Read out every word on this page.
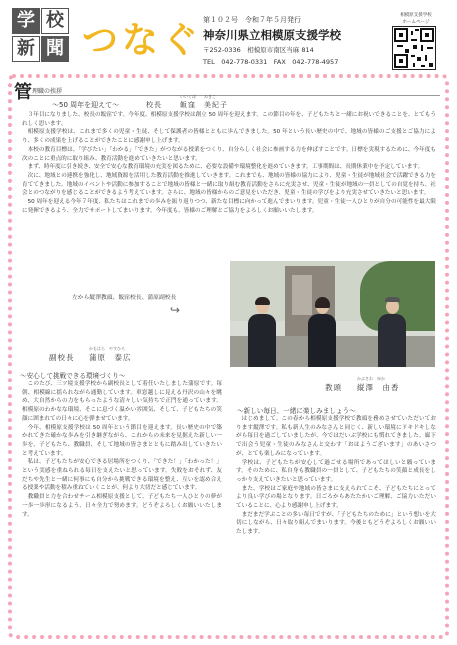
学 校
新 聞 つなぐ 第１０２号　令和７年５月発行
神奈川県立相模原支援学校
〒252-0336　相模原市南区当麻 814
TEL　042-778-0331　FAX　042-778-4957
相模原支援学校
ホームページ
管 理職の挨拶
～50 周年を迎えて～
いいくぼ　　みきこ
校長	飯窪　美紀子

３年目になりました、校長の飯窪です。今年度、相模原支援学校は創立 50 周年を迎えます。この節目の年を、子どもたちと一緒にお祝いできることを、とてもうれしく思います。

相模原支援学校は、これまで多くの児童・生徒、そして保護者の皆様とともに歩んできました。50 年という長い歴史の中で、地域の皆様のご支援とご協力により、多くの成果を上げることができたことに感謝申し上げます。

本校の教育目標は、「学びたい」「わかる」「できた」がつながる授業をつくり、自分らしく社会に参画する力を伸ばすことです。日標を実現するために、今年度も次のことに重点的に取り組み、教育活動を進めていきたいと思います。

まず、時年度に引き続き、安全で安心な教育環境の充実を図るために、必要な設備や環境整化を進めていきます。工事期間は、長期休業中を予定しています。

次に、地域との連携を強化し、地域資源を活用した教育活動を推進していきます。これまでも、地域の皆様の協力により、児童・生徒が地域社会で活躍できる力を育ててきました。地域のイベントや活動に参加することで地域の皆様と一緒に取り組む教育活動をさらに充実させ、児童・生徒が地域の一員としての自覚を持ち、社会とのつながりを感じることができるよう考えています。さらに、地域の皆様からのご意見をいただき、児童・生徒の学びをより充実させていきたいと思います。

50 周年を迎える今年７年度、私たちはこれまでの歩みを振り返りつつ、新たな目標に向かって進んでまいります。児童・生徒一人ひとりが自分の可能性を最大限に発揮できるよう、全力でサポートしてまいります。今年度も、皆様のご理解とご協力をよろしくお願いいたします。

左から縦澤教頭、飯窪校長、蒲原副校長
↪
かもはら　やすひろ
副校長 蒲原　泰広
～安心して挑戦できる環境づくり～

このたび、三ツ境支援学校から副校長として着任いたしました蒲原です。毎朝、相模線に揺られながら通勤しています。車窓越しに見える丹沢の山々を眺め、大自然からの力をもらったような清々しい気持ちで正門を通っています。相模原のわかなな環境、そこに息づく温かい雰囲気、そして、子どもたちの笑顔に囲まれての日々に心を弾ませています。

今年、相模原支援学校は 50 周年という節目を迎えます。長い歴史の中で築かれてきた確かな歩みを引き継ぎながら、これからの未来を見据えた新しい一歩を、子どもたち、教職員、そして地域の皆さまとともに踏み出していきたいと考えています。

私は、子どもたちが安心できる居場所をつくり、「できた！」「わかった！」という実感を重ねられる毎日を支えたいと思っています。失敗をおそれず、友だちや先生と一緒に何事にも自分から挑戦できる環境を整え、互いを認め合える授業や活動を積み重ねていくことが、何より大切だと感じています。

教職員と力を合わせチーム相模原支援として、子どもたち一人ひとりの夢が一歩一歩形になるよう、日々全力で努めます。どうぞよろしくお願いいたします。

かぶさわ　ゆか
教頭 縦澤　由香
～新しい毎日、一緒に楽しみましょう～

はじめまして。この春から相模原支援学校で教頭を務めさせていただいております縦澤です。私も新人生のみなさんと同じく、新しい環境にドキドキしながら毎日を過ごしていましたが、今ではだいぶ学校にも慣れてきました。廊下で出会う児童・生徒のみなさんと交わす「おはようございます」のあいさつが、とても楽しみになっています。

学校は、子どもたちが安心して過ごせる場所であってほしいと願っています。そのために、私自身も教職員の一員として、子どもたちの笑顔と成長をしっかり支えていきたいと思っています。

また、学校はご家庭や地域の皆さまに支えられてこそ、子どもたちにとってより良い学びの場となります。日ごろからあたたかいご理解、ご協力いただいていることに、心より感謝申し上げます。

まだまだ学ぶことの多い毎日ですが、「子どもたちのために」という想いを大切にしながら、日々取り組んでまいります。今後ともどうぞよろしくお願いいたします。
